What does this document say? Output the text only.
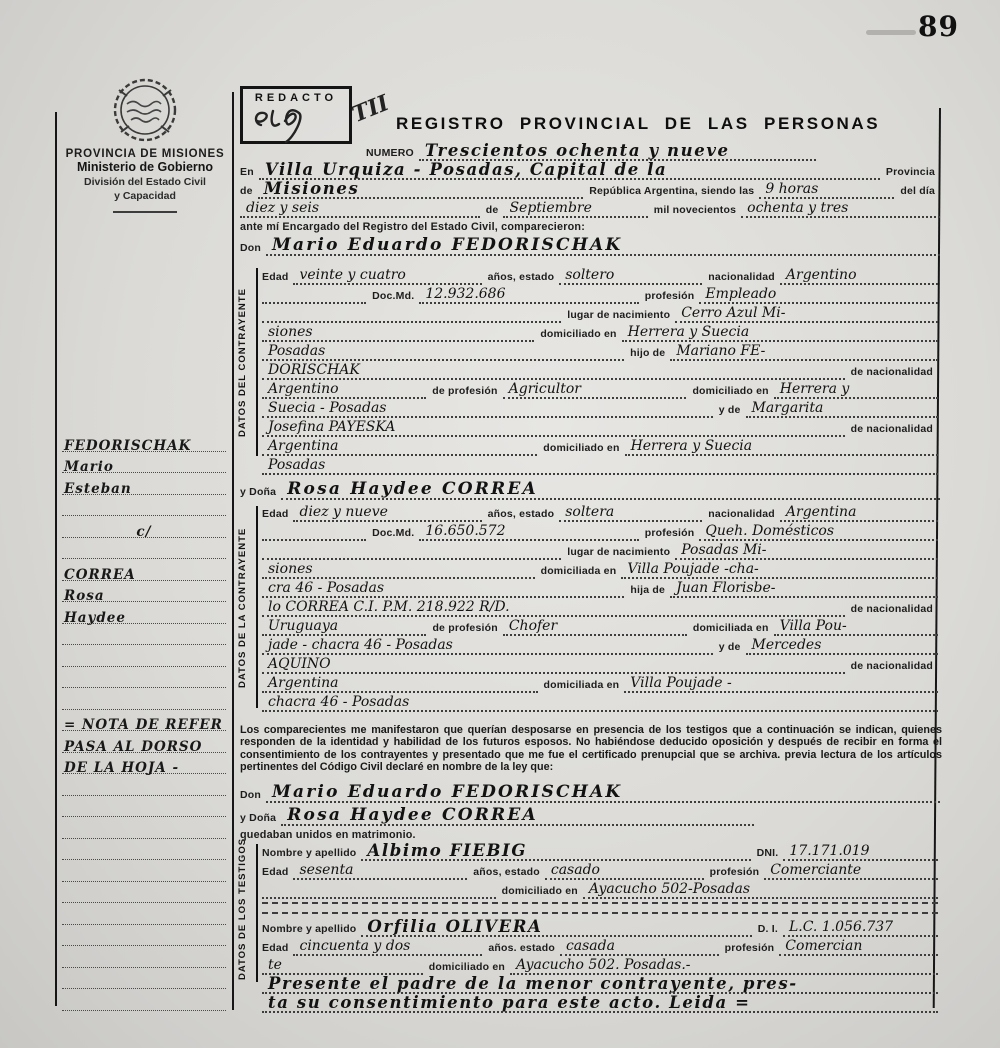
89
PROVINCIA DE MISIONES
Ministerio de Gobierno
División del Estado Civil
y Capacidad
REDACTO TII REGISTRO PROVINCIAL DE LAS PERSONAS
NUMERO Trescientos ochenta y nueve
En Villa Urquiza - Posadas, Capital de la	Provincia
de Misiones	República Argentina, siendo las 9 horas	del día
diez y seis	de Septiembre	mil novecientos ochenta y tres
ante mí Encargado del Registro del Estado Civil, comparecieron:
Don Mario Eduardo FEDORISCHAK
DATOS DEL CONTRAYENTE
Edad veinte y cuatro	años, estado soltero	nacionalidad Argentino
Doc.Md. 12.932.686	profesión Empleado
lugar de nacimiento Cerro Azul Mi-
siones	domiciliado en Herrera y Suecia
Posadas	hijo de Mariano FE-
DORISCHAK	de nacionalidad
Argentino	de profesión Agricultor	domiciliado en Herrera y
Suecia - Posadas	y de Margarita
Josefina PAYESKA	de nacionalidad
Argentina	domiciliado en Herrera y Suecia
Posadas
y Doña Rosa Haydee CORREA
DATOS DE LA CONTRAYENTE
Edad diez y nueve	años, estado soltera	nacionalidad Argentina
Doc.Md. 16.650.572	profesión Queh. Domésticos
lugar de nacimiento Posadas Mi-
siones	domiciliada en Villa Poujade -cha-
cra 46 - Posadas	hija de Juan Florisbe-
lo CORREA C.I. P.M. 218.922 R/D.	de nacionalidad
Uruguaya	de profesión Chofer	domiciliada en Villa Pou-
jade - chacra 46 - Posadas	y de Mercedes
AQUINO	de nacionalidad
Argentina	domiciliada en Villa Poujade -
chacra 46 - Posadas
Los comparecientes me manifestaron que querían desposarse en presencia de los testigos que a continuación se indican, quienes responden de la identidad y habilidad de los futuros esposos. No habiéndose deducido oposición y después de recibir en forma el consentimiento de los contrayentes y presentado que me fue el certificado prenupcial que se archiva. previa lectura de los artículos pertinentes del Código Civil declaré en nombre de la ley que:
Don Mario Eduardo FEDORISCHAK
y Doña Rosa Haydee CORREA
quedaban unidos en matrimonio.
DATOS DE LOS TESTIGOS	Nombre y apellido Albimo FIEBIG	DNI. 17.171.019
Edad sesenta	años, estado casado	profesión Comerciante
domiciliado en Ayacucho 502-Posadas
Nombre y apellido Orfilia OLIVERA	D. I. L.C. 1.056.737
Edad cincuenta y dos	años. estado casada	profesión Comercian
te	domiciliado en Ayacucho 502. Posadas.-
Presente el padre de la menor contrayente, pres-
ta su consentimiento para este acto. Leida =
FEDORISCHAK
Mario
Esteban
c/
CORREA
Rosa
Haydee
= NOTA DE REFER
PASA AL DORSO
DE LA HOJA -
